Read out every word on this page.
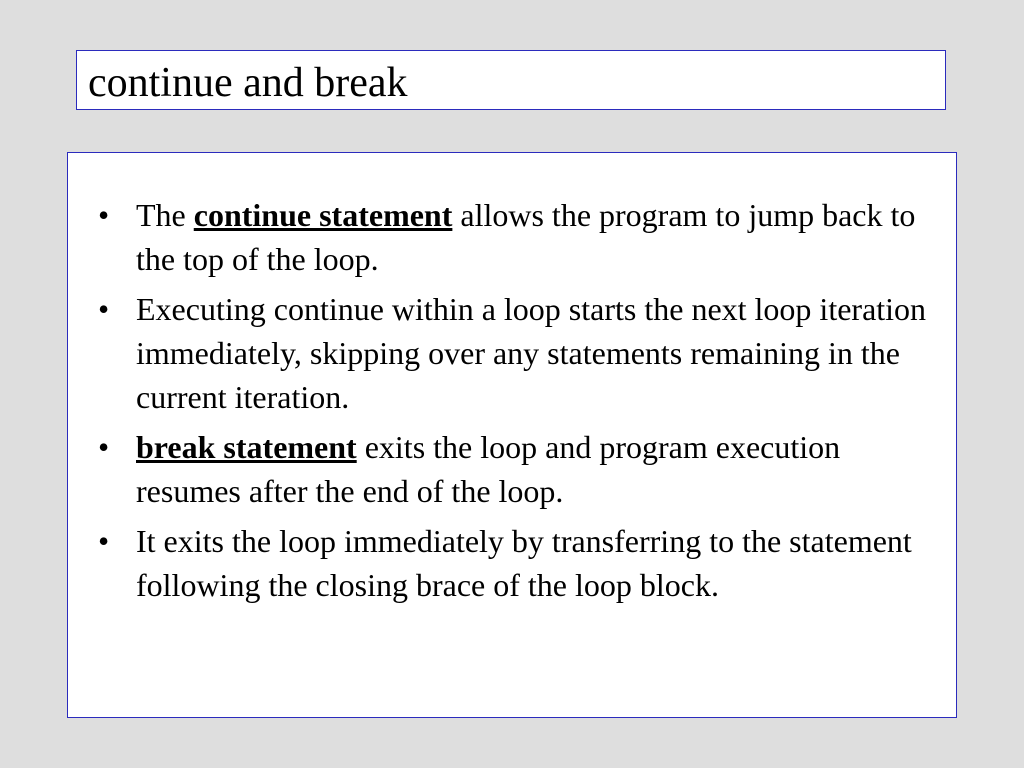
continue and break
• The continue statement allows the program to jump back to the top of the loop.
• Executing continue within a loop starts the next loop iteration immediately, skipping over any statements remaining in the current iteration.
• break statement exits the loop and program execution resumes after the end of the loop.
• It exits the loop immediately by transferring to the statement following the closing brace of the loop block.
